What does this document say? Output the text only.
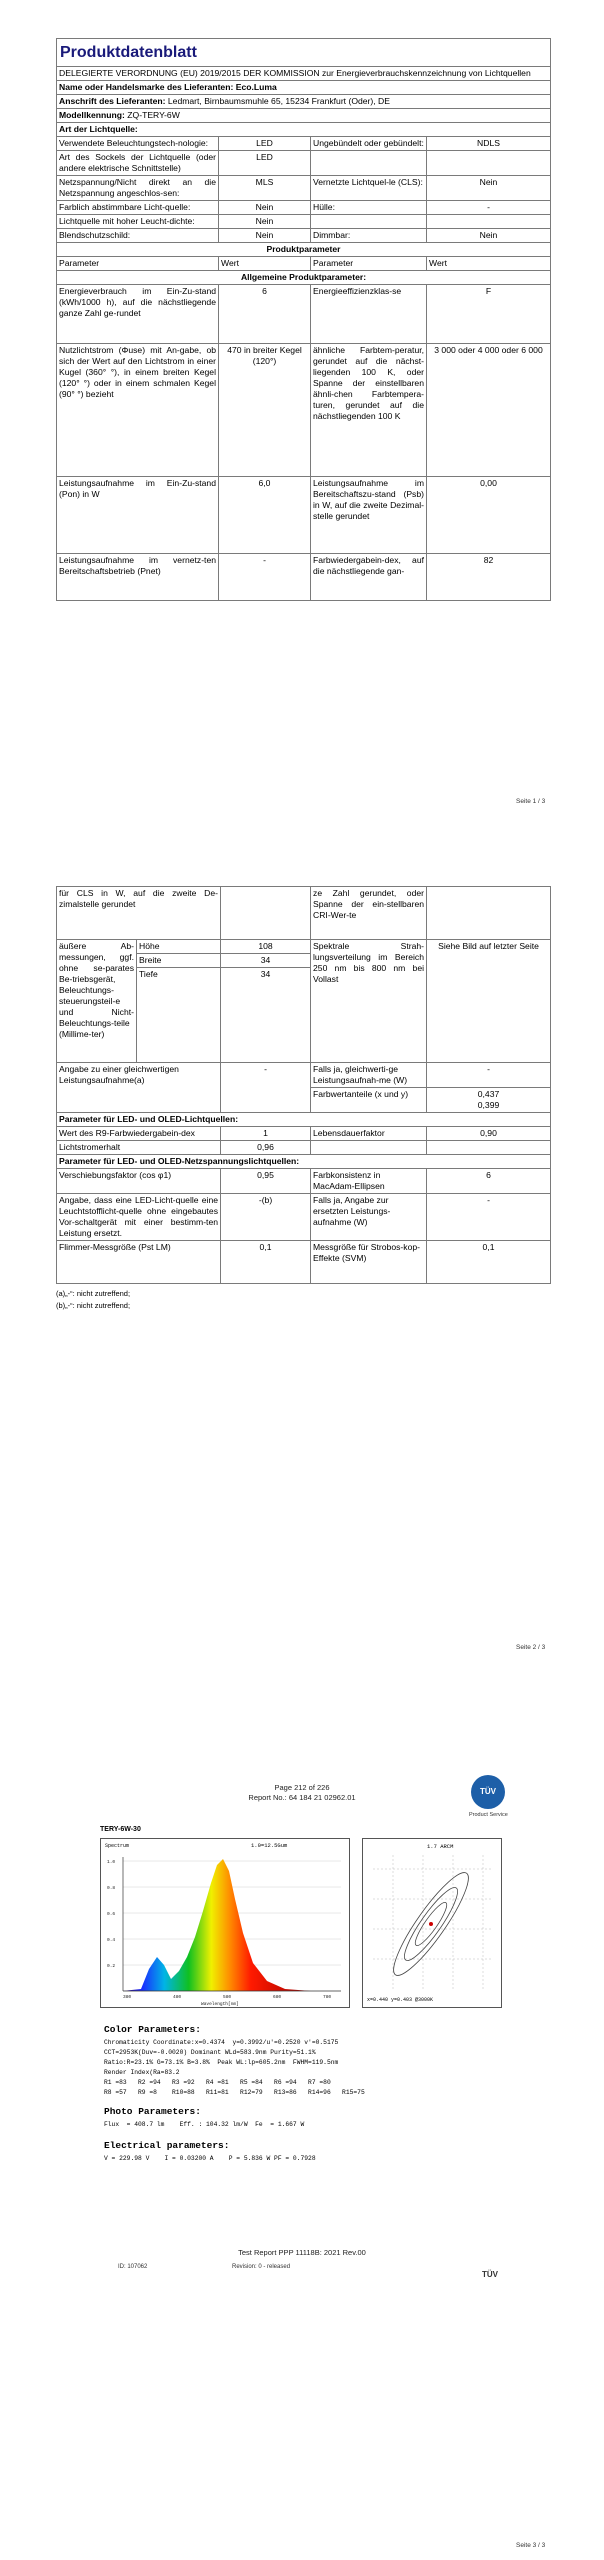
Produktdatenblatt			
DELEGIERTE VERORDNUNG (EU) 2019/2015 DER KOMMISSION zur Energieverbrauchskennzeichnung von Lichtquellen			
Name oder Handelsmarke des Lieferanten: Eco.Luma			
Anschrift des Lieferanten: Ledmart, Birnbaumsmuhle 65, 15234 Frankfurt (Oder), DE			
Modellkennung: ZQ-TERY-6W			
Art der Lichtquelle:			
Verwendete Beleuchtungstech-nologie:	LED	Ungebündelt oder gebündelt:	NDLS
Art des Sockels der Lichtquelle (oder andere elektrische Schnittstelle)	LED		
Netzspannung/Nicht direkt an die Netzspannung angeschlos-sen:	MLS	Vernetzte Lichtquel-le (CLS):	Nein
Farblich abstimmbare Licht-quelle:	Nein	Hülle:	-
Lichtquelle mit hoher Leucht-dichte:	Nein		
Blendschutzschild:	Nein	Dimmbar:	Nein
Produktparameter			
Parameter	Wert	Parameter	Wert
Allgemeine Produktparameter:			
Energieverbrauch im Ein-Zu-stand (kWh/1000 h), auf die nächstliegende ganze Zahl ge-rundet	6	Energieeffizienzklas-se	F
Nutzlichtstrom (Φuse) mit An-gabe, ob sich der Wert auf den Lichtstrom in einer Kugel (360° °), in einem breiten Kegel (120° °) oder in einem schmalen Kegel (90° °) bezieht	470 in breiter Kegel (120°)	ähnliche Farbtem-peratur, gerundet auf die nächst-liegenden 100 K, oder Spanne der einstellbaren ähnli-chen Farbtempera-turen, gerundet auf die nächstliegenden 100 K	3 000 oder 4 000 oder 6 000
Leistungsaufnahme im Ein-Zu-stand (Pon) in W	6,0	Leistungsaufnahme im Bereitschaftszu-stand (Psb) in W, auf die zweite Dezimal-stelle gerundet	0,00
Leistungsaufnahme im vernetz-ten Bereitschaftsbetrieb (Pnet)	-	Farbwiedergabein-dex, auf die nächstliegende gan-	82
Seite 1 / 3
für CLS in W, auf die zweite De-zimalstelle gerundet			ze Zahl gerundet, oder Spanne der ein-stellbaren CRI-Wer-te	
äußere Ab-messungen, ggf. ohne se-parates Be-triebsgerät, Beleuchtungs-steuerungsteil-e und Nicht-Beleuchtungs-teile (Millime-ter)	Höhe	108	Spektrale Strah-lungsverteilung im Bereich 250 nm bis 800 nm bei Vollast	Siehe Bild auf letzter Seite
	Breite	34		
	Tiefe	34		
Angabe zu einer gleichwertigen Leistungsaufnahme(a)		-	Falls ja, gleichwerti-ge Leistungsaufnah-me (W)	-
			Farbwertanteile (x und y)	0,437
0,399

Parameter für LED- und OLED-Lichtquellen:				
Wert des R9-Farbwiedergabein-dex		1	Lebensdauerfaktor	0,90
Lichtstromerhalt		0,96		
Parameter für LED- und OLED-Netzspannungslichtquellen:				
Verschiebungsfaktor (cos φ1)		0,95	Farbkonsistenz in MacAdam-Ellipsen	6
Angabe, dass eine LED-Licht-quelle eine Leuchtstofflicht-quelle ohne eingebautes Vor-schaltgerät mit einer bestimm-ten Leistung ersetzt.		-(b)	Falls ja, Angabe zur ersetzten Leistungs-aufnahme (W)	-
Flimmer-Messgröße (Pst LM)		0,1	Messgröße für Strobos-kop-Effekte (SVM)	0,1
(a)„-“: nicht zutreffend;
(b)„-“: nicht zutreffend;
Seite 2 / 3
Page 212 of 226
Report No.: 64 184 21 02962.01
TÜV
Product Service
TERY-6W-30
Spectrum	1.0=12.5Gum
1.0
0.8
0.6
0.4
0.2
380	480	580	680	780
Wavelength[nm]
1.7 ARCM
x=0.440 y=0.403 @3000K
Color Parameters:
Chromaticity Coordinate:x=0.4374  y=0.3992/u'=0.2520 v'=0.5175
CCT=2953K(Duv=-0.0020) Dominant WLd=583.9nm Purity=51.1%
Ratio:R=23.1% G=73.1% B=3.8%  Peak WL:lp=605.2nm  FWHM=119.5nm
Render Index(Ra=83.2
R1 =83   R2 =94   R3 =92   R4 =81   R5 =84   R6 =94   R7 =80
R8 =57   R9 =8    R10=88   R11=81   R12=79   R13=86   R14=96   R15=75
Photo Parameters:
Flux  = 408.7 lm    Eff. : 104.32 lm/W  Fe  = 1.667 W
Electrical parameters:
V = 229.98 V    I = 0.03200 A    P = 5.836 W PF = 0.7928
Test Report PPP 11118B: 2021 Rev.00
ID: 107062	Revision: 0 - released
TÜV
Seite 3 / 3
